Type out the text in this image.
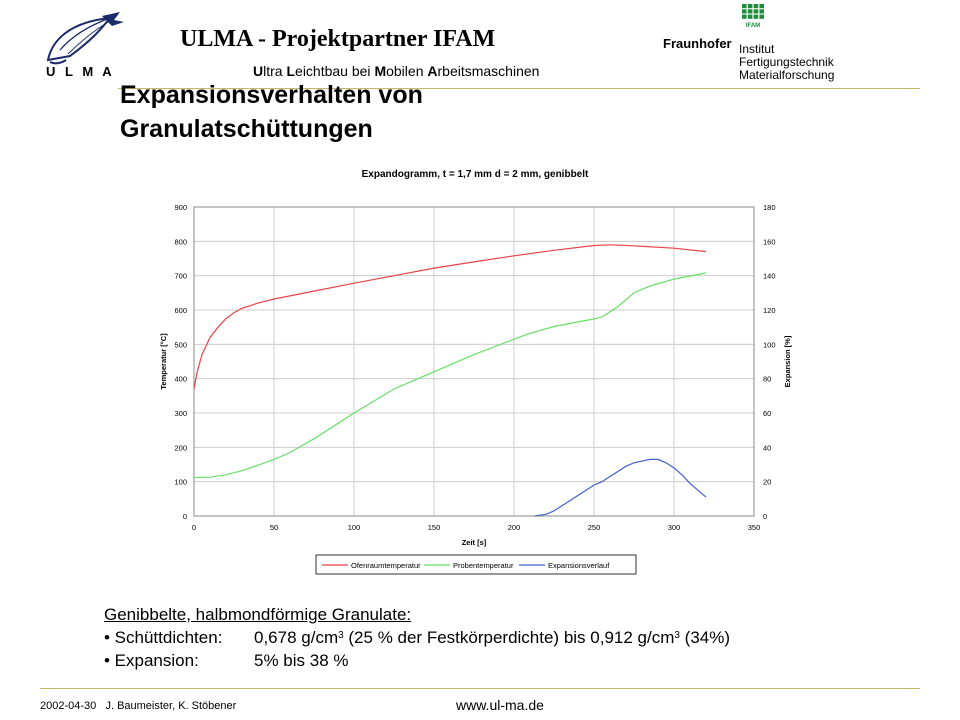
U L M A
ULMA - Projektpartner IFAM
Ultra Leichtbau bei Mobilen Arbeitsmaschinen
IFAM
Fraunhofer Institut
Fertigungstechnik
Materialforschung
Expansionsverhalten von
Granulatschüttungen
Expandogramm, t = 1,7 mm d = 2 mm, genibbelt
0
100
200
300
400
500
600
700
800
900
0	50	100	150	200	250	300	350
0
20
40
60
80
100
120
140
160
180
Zeit [s]
Temperatur [°C]	Expansion [%]
Ofenraumtemperatur	Probentemperatur	Expansionsverlauf
Genibbelte, halbmondförmige Granulate:
• Schüttdichten: 0,678 $g/cm^3$ (25 % der Festkörperdichte) bis 0,912 $g/cm^3$ (34%)
• Expansion:	5% bis 38 %
2002-04-30 J. Baumeister, K. Stöbener	www.ul-ma.de
